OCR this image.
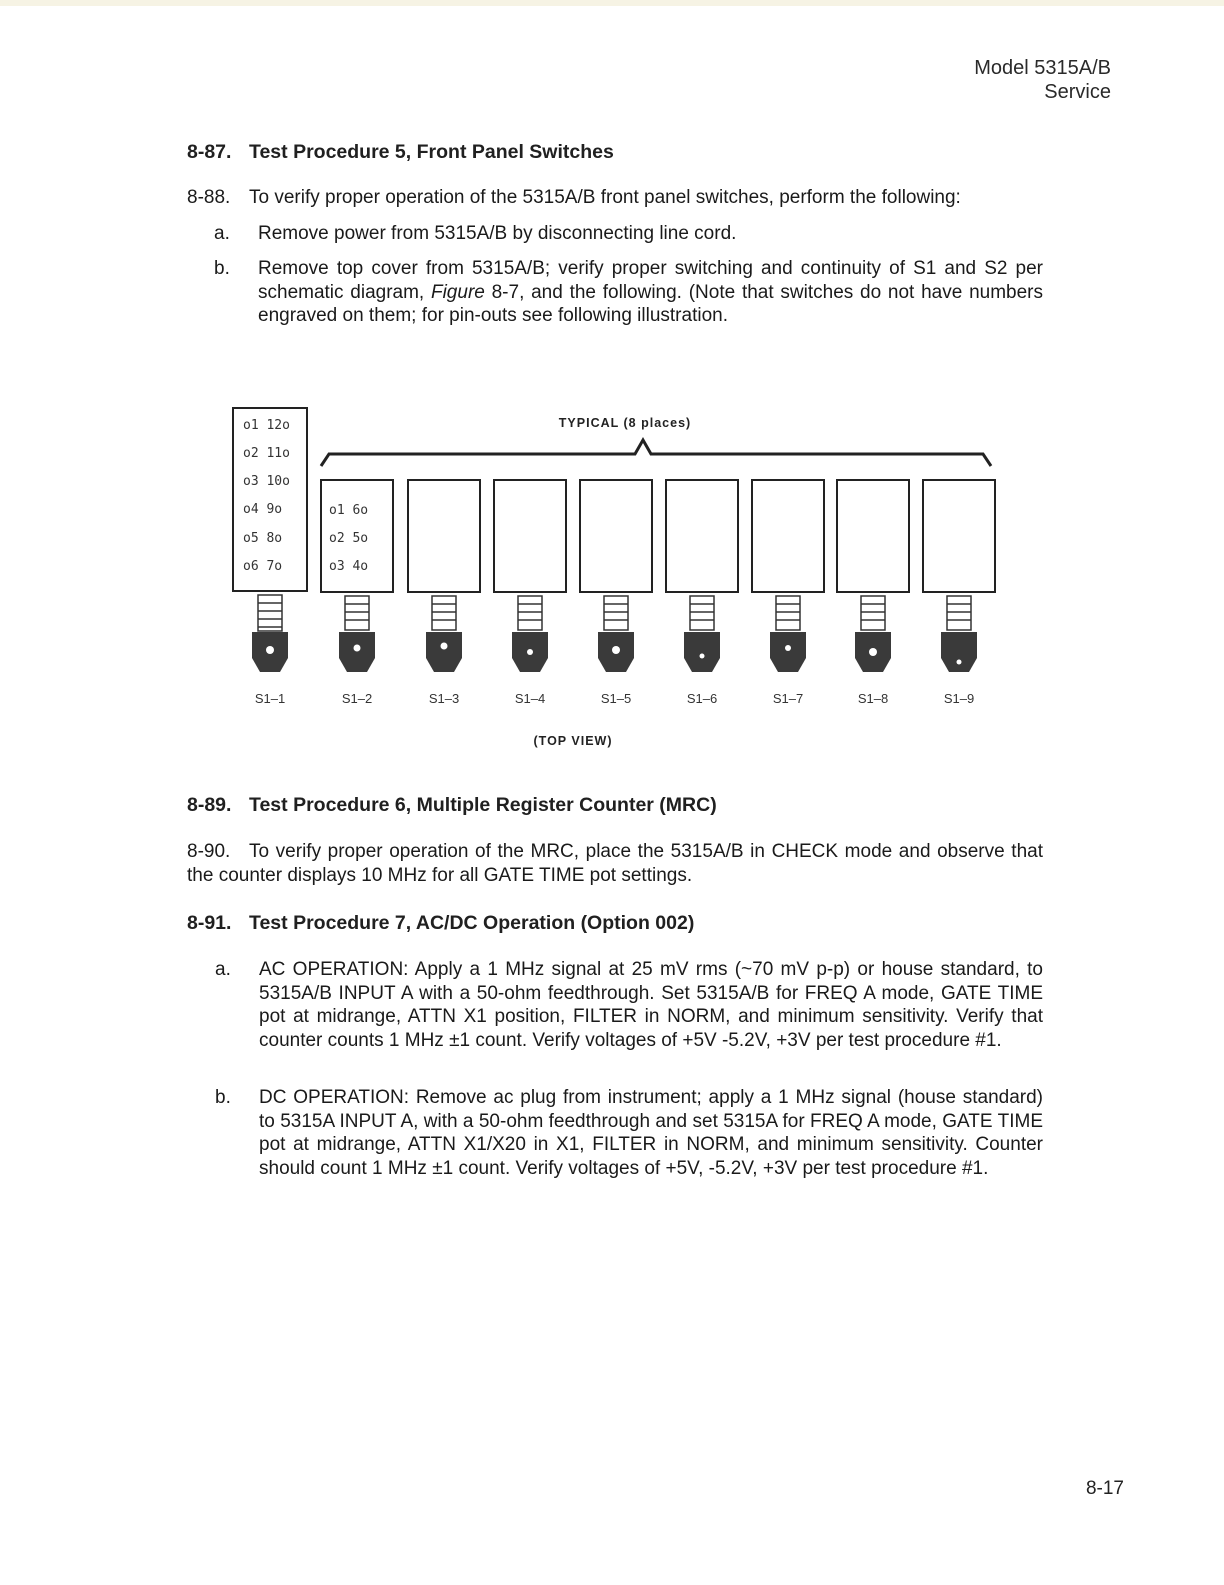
Model 5315A/B
Service
8-87. Test Procedure 5, Front Panel Switches
8-88. To verify proper operation of the 5315A/B front panel switches, perform the following:
a. Remove power from 5315A/B by disconnecting line cord.
b. Remove top cover from 5315A/B; verify proper switching and continuity of S1 and S2 per schematic diagram, Figure 8-7, and the following. (Note that switches do not have numbers engraved on them; for pin-outs see following illustration.
TYPICAL (8 places)
o1 12o
o2 11o
o3 10o
o4 9o
o5 8o
o6 7o
o1 6o
o2 5o
o3 4o
S1–1	S1–2	S1–3	S1–4	S1–5	S1–6	S1–7	S1–8	S1–9
(TOP VIEW)
8-89. Test Procedure 6, Multiple Register Counter (MRC)
8-90. To verify proper operation of the MRC, place the 5315A/B in CHECK mode and observe that the counter displays 10 MHz for all GATE TIME pot settings.
8-91. Test Procedure 7, AC/DC Operation (Option 002)
a. AC OPERATION: Apply a 1 MHz signal at 25 mV rms (~70 mV p-p) or house standard, to 5315A/B INPUT A with a 50-ohm feedthrough. Set 5315A/B for FREQ A mode, GATE TIME pot at midrange, ATTN X1 position, FILTER in NORM, and minimum sensitivity. Verify that counter counts 1 MHz ±1 count. Verify voltages of +5V -5.2V, +3V per test procedure #1.
b. DC OPERATION: Remove ac plug from instrument; apply a 1 MHz signal (house standard) to 5315A INPUT A, with a 50-ohm feedthrough and set 5315A for FREQ A mode, GATE TIME pot at midrange, ATTN X1/X20 in X1, FILTER in NORM, and minimum sensitivity. Counter should count 1 MHz ±1 count. Verify voltages of +5V, -5.2V, +3V per test procedure #1.
8-17
